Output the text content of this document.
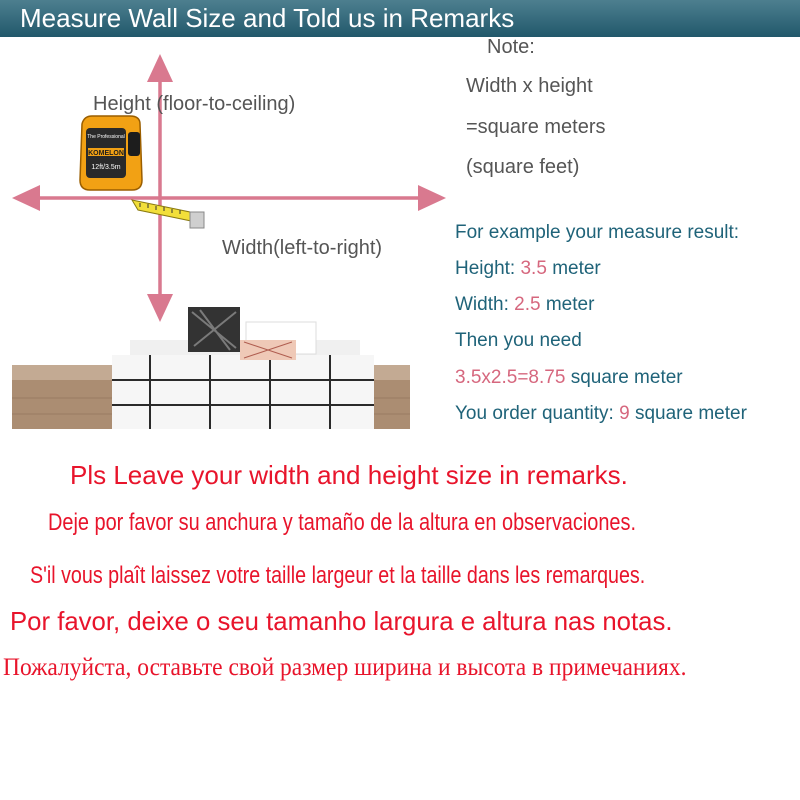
Measure Wall Size and Told us in Remarks
The Professional
KOMELON
12ft/3.5m
Height (floor-to-ceiling)
Width(left-to-right)
Note:
Width x height
=square meters
(square feet)
For example your measure result:
Height: 3.5 meter
Width: 2.5 meter
Then you need
3.5x2.5=8.75 square meter
You order quantity: 9 square meter
Pls Leave your width and height size in remarks.
Deje por favor su anchura y tamaño de la altura en observaciones.
S'il vous plaît laissez votre taille largeur et la taille dans les remarques.
Por favor, deixe o seu tamanho largura e altura nas notas.
Пожалуйста, оставьте свой размер ширина и высота в примечаниях.
